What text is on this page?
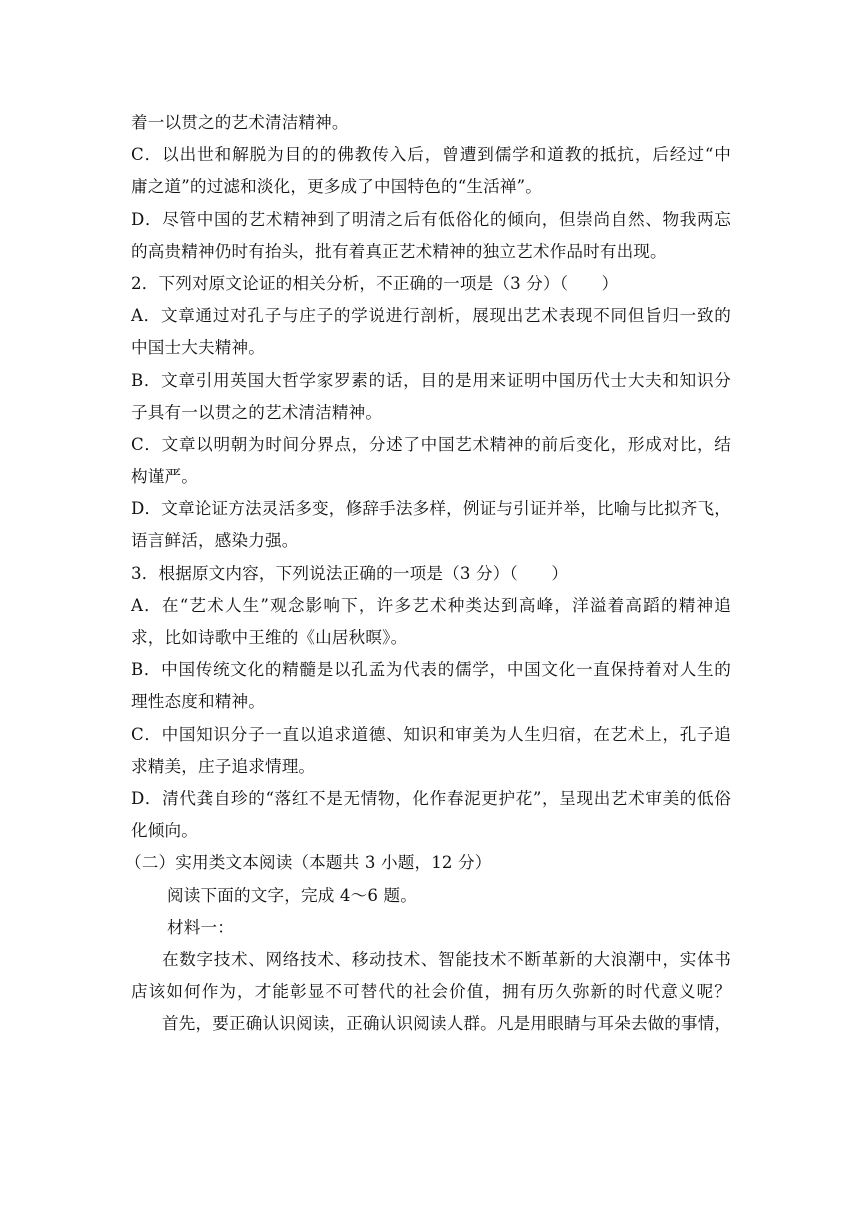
着一以贯之的艺术清洁精神。
C．以出世和解脱为目的的佛教传入后，曾遭到儒学和道教的抵抗，后经过“中
庸之道”的过滤和淡化，更多成了中国特色的“生活禅”。
D．尽管中国的艺术精神到了明清之后有低俗化的倾向，但崇尚自然、物我两忘
的高贵精神仍时有抬头，批有着真正艺术精神的独立艺术作品时有出现。
2．下列对原文论证的相关分析，不正确的一项是（3 分）（　　）
A．文章通过对孔子与庄子的学说进行剖析，展现出艺术表现不同但旨归一致的
中国士大夫精神。
B．文章引用英国大哲学家罗素的话，目的是用来证明中国历代士大夫和知识分
子具有一以贯之的艺术清洁精神。
C．文章以明朝为时间分界点，分述了中国艺术精神的前后变化，形成对比，结
构谨严。
D．文章论证方法灵活多变，修辞手法多样，例证与引证并举，比喻与比拟齐飞，
语言鲜活，感染力强。
3．根据原文内容，下列说法正确的一项是（3 分）（　　）
A．在“艺术人生”观念影响下，许多艺术种类达到高峰，洋溢着高蹈的精神追
求，比如诗歌中王维的《山居秋暝》。
B．中国传统文化的精髓是以孔孟为代表的儒学，中国文化一直保持着对人生的
理性态度和精神。
C．中国知识分子一直以追求道德、知识和审美为人生归宿，在艺术上，孔子追
求精美，庄子追求情理。
D．清代龚自珍的“落红不是无情物，化作春泥更护花”，呈现出艺术审美的低俗
化倾向。
（二）实用类文本阅读（本题共 3 小题，12 分）
阅读下面的文字，完成 4～6 题。
材料一：
在数字技术、网络技术、移动技术、智能技术不断革新的大浪潮中，实体书
店该如何作为，才能彰显不可替代的社会价值，拥有历久弥新的时代意义呢？
首先，要正确认识阅读，正确认识阅读人群。凡是用眼睛与耳朵去做的事情，
